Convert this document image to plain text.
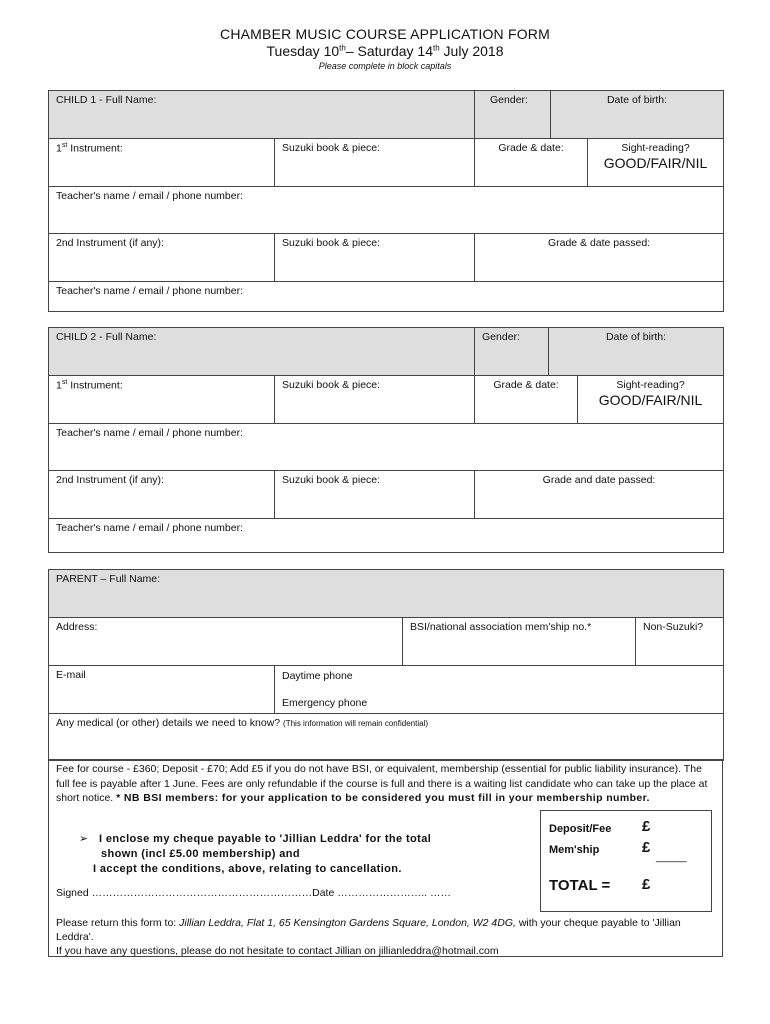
CHAMBER MUSIC COURSE APPLICATION FORM
Tuesday 10th– Saturday 14th July 2018
Please complete in block capitals
CHILD 1 - Full Name:		Gender:	Date of birth:	
1st Instrument:	Suzuki book & piece:	Grade & date:		Sight-reading?
GOOD/FAIR/NIL

Teacher's name / email / phone number:				
2nd Instrument (if any):	Suzuki book & piece:	Grade & date passed:		
Teacher's name / email / phone number:				
CHILD 2 - Full Name:		Gender:	Date of birth:	
1st Instrument:	Suzuki book & piece:	Grade & date:		Sight-reading?
GOOD/FAIR/NIL

Teacher's name / email / phone number:				
2nd Instrument (if any):	Suzuki book & piece:	Grade and date passed:		
Teacher's name / email / phone number:				
PARENT – Full Name:			
Address:		BSI/national association mem'ship no.*	Non-Suzuki?
E-mail	Daytime phone
Emergency phone		

Any medical (or other) details we need to know? (This information will remain confidential)			
Fee for course - £360; Deposit - £70; Add £5 if you do not have BSI, or equivalent, membership (essential for public liability insurance). The full fee is payable after 1 June. Fees are only refundable if the course is full and there is a waiting list candidate who can take up the place at short notice. * NB BSI members: for your application to be considered you must fill in your membership number.
➢ I enclose my cheque payable to 'Jillian Leddra' for the total
shown (incl £5.00 membership) and
I accept the conditions, above, relating to cancellation.
Deposit/Fee £
Mem'ship	£
_____
TOTAL = £
Signed ………………………………………………………Date …………………….. ……
Please return this form to: Jillian Leddra, Flat 1, 65 Kensington Gardens Square, London, W2 4DG, with your cheque payable to 'Jillian Leddra'.
If you have any questions, please do not hesitate to contact Jillian on jillianleddra@hotmail.com
